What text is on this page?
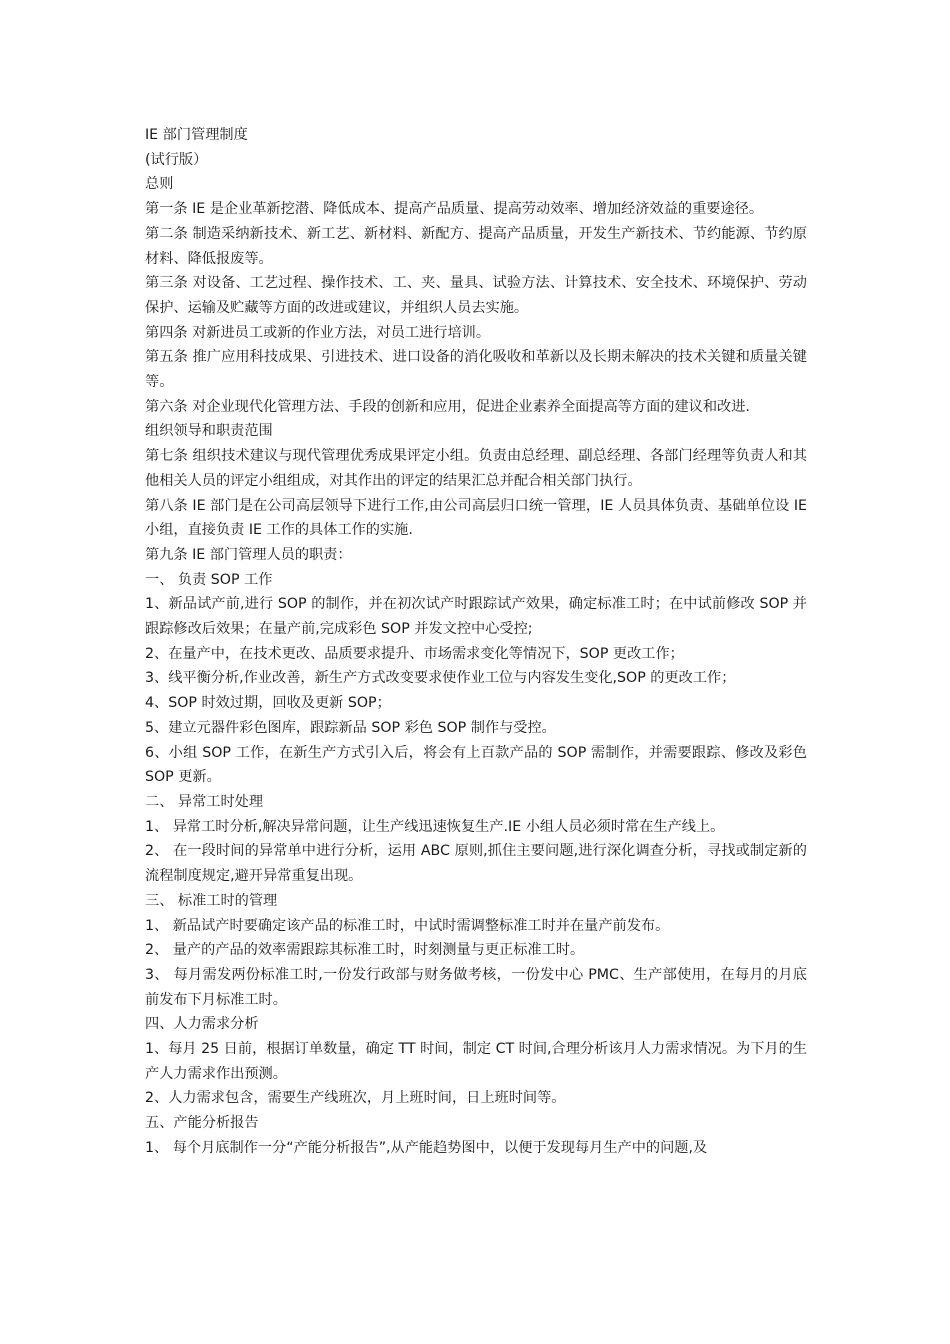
IE 部门管理制度

(试行版）

总则

第一条 IE 是企业革新挖潜、降低成本、提高产品质量、提高劳动效率、增加经济效益的重要途径。

第二条 制造采纳新技术、新工艺、新材料、新配方、提高产品质量，开发生产新技术、节约能源、节约原材料、降低报废等。

第三条 对设备、工艺过程、操作技术、工、夹、量具、试验方法、计算技术、安全技术、环境保护、劳动保护、运输及贮藏等方面的改进或建议，并组织人员去实施。

第四条 对新进员工或新的作业方法，对员工进行培训。

第五条 推广应用科技成果、引进技术、进口设备的消化吸收和革新以及长期未解决的技术关键和质量关键等。

第六条 对企业现代化管理方法、手段的创新和应用，促进企业素养全面提高等方面的建议和改进.

组织领导和职责范围

第七条 组织技术建议与现代管理优秀成果评定小组。负责由总经理、副总经理、各部门经理等负责人和其他相关人员的评定小组组成，对其作出的评定的结果汇总并配合相关部门执行。

第八条 IE 部门是在公司高层领导下进行工作,由公司高层归口统一管理，IE 人员具体负责、基础单位设 IE 小组，直接负责 IE 工作的具体工作的实施.

第九条 IE 部门管理人员的职责：

一、 负责 SOP 工作

1、新品试产前,进行 SOP 的制作，并在初次试产时跟踪试产效果，确定标准工时；在中试前修改 SOP 并跟踪修改后效果；在量产前,完成彩色 SOP 并发文控中心受控;

2、在量产中，在技术更改、品质要求提升、市场需求变化等情况下，SOP 更改工作；

3、线平衡分析,作业改善，新生产方式改变要求使作业工位与内容发生变化,SOP 的更改工作；

4、SOP 时效过期，回收及更新 SOP；

5、建立元器件彩色图库，跟踪新品 SOP 彩色 SOP 制作与受控。

6、小组 SOP 工作，在新生产方式引入后，将会有上百款产品的 SOP 需制作，并需要跟踪、修改及彩色 SOP 更新。

二、 异常工时处理

1、 异常工时分析,解决异常问题，让生产线迅速恢复生产.IE 小组人员必须时常在生产线上。

2、 在一段时间的异常单中进行分析，运用 ABC 原则,抓住主要问题,进行深化调查分析，寻找或制定新的流程制度规定,避开异常重复出现。

三、 标准工时的管理

1、 新品试产时要确定该产品的标准工时，中试时需调整标准工时并在量产前发布。

2、 量产的产品的效率需跟踪其标准工时，时刻测量与更正标准工时。

3、 每月需发两份标准工时,一份发行政部与财务做考核，一份发中心 PMC、生产部使用，在每月的月底前发布下月标准工时。

四、人力需求分析

1、每月 25 日前，根据订单数量，确定 TT 时间，制定 CT 时间,合理分析该月人力需求情况。为下月的生产人力需求作出预测。

2、人力需求包含，需要生产线班次，月上班时间，日上班时间等。

五、产能分析报告

1、 每个月底制作一分“产能分析报告”,从产能趋势图中，以便于发现每月生产中的问题,及
